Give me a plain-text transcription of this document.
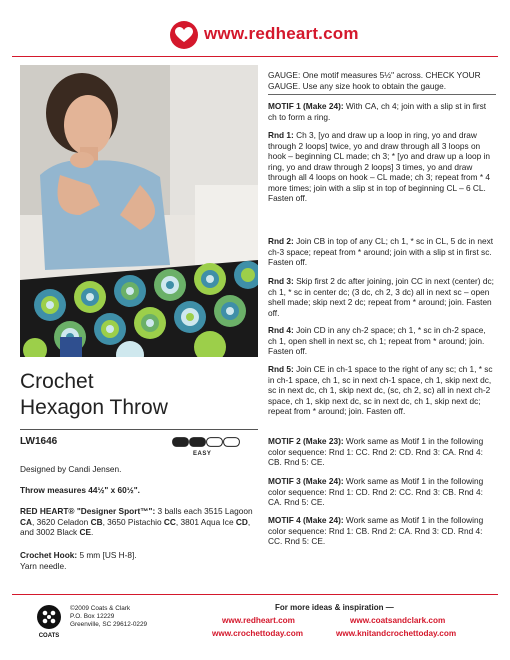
www.redheart.com
Crochet
Hexagon Throw
LW1646
EASY
Designed by Candi Jensen.
Throw measures 44½" x 60½".
RED HEART® "Designer Sport™": 3 balls each 3515 Lagoon CA, 3620 Celadon CB, 3650 Pistachio CC, 3801 Aqua Ice CD, and 3002 Black CE.
Crochet Hook: 5 mm [US H-8].
Yarn needle.
GAUGE: One motif measures 5½" across. CHECK YOUR GAUGE. Use any size hook to obtain the gauge.
MOTIF 1 (Make 24): With CA, ch 4; join with a slip st in first ch to form a ring.
Rnd 1: Ch 3, [yo and draw up a loop in ring, yo and draw through 2 loops] twice, yo and draw through all 3 loops on hook – beginning CL made; ch 3; * [yo and draw up a loop in ring, yo and draw through 2 loops] 3 times, yo and draw through all 4 loops on hook – CL made; ch 3; repeat from * 4 more times; join with a slip st in top of beginning CL – 6 CL. Fasten off.
Rnd 2: Join CB in top of any CL; ch 1, * sc in CL, 5 dc in next ch-3 space; repeat from * around; join with a slip st in first sc. Fasten off.
Rnd 3: Skip first 2 dc after joining, join CC in next (center) dc; ch 1, * sc in center dc; (3 dc, ch 2, 3 dc) all in next sc – open shell made; skip next 2 dc; repeat from * around; join. Fasten off.
Rnd 4: Join CD in any ch-2 space; ch 1, * sc in ch-2 space, ch 1, open shell in next sc, ch 1; repeat from * around; join. Fasten off.
Rnd 5: Join CE in ch-1 space to the right of any sc; ch 1, * sc in ch-1 space, ch 1, sc in next ch-1 space, ch 1, skip next dc, sc in next dc, ch 1, skip next dc, (sc, ch 2, sc) all in next ch-2 space, ch 1, skip next dc, sc in next dc, ch 1, skip next dc; repeat from * around; join. Fasten off.
MOTIF 2 (Make 23): Work same as Motif 1 in the following color sequence: Rnd 1: CC. Rnd 2: CD. Rnd 3: CA. Rnd 4: CB. Rnd 5: CE.
MOTIF 3 (Make 24): Work same as Motif 1 in the following color sequence: Rnd 1: CD. Rnd 2: CC. Rnd 3: CB. Rnd 4: CA. Rnd 5: CE.
MOTIF 4 (Make 24): Work same as Motif 1 in the following color sequence: Rnd 1: CB. Rnd 2: CA. Rnd 3: CD. Rnd 4: CC. Rnd 5: CE.
COATS
©2009 Coats & Clark
P.O. Box 12229
Greenville, SC 29612-0229
For more ideas & inspiration —
www.redheart.com	www.coatsandclark.com
www.crochettoday.com	www.knitandcrochettoday.com
